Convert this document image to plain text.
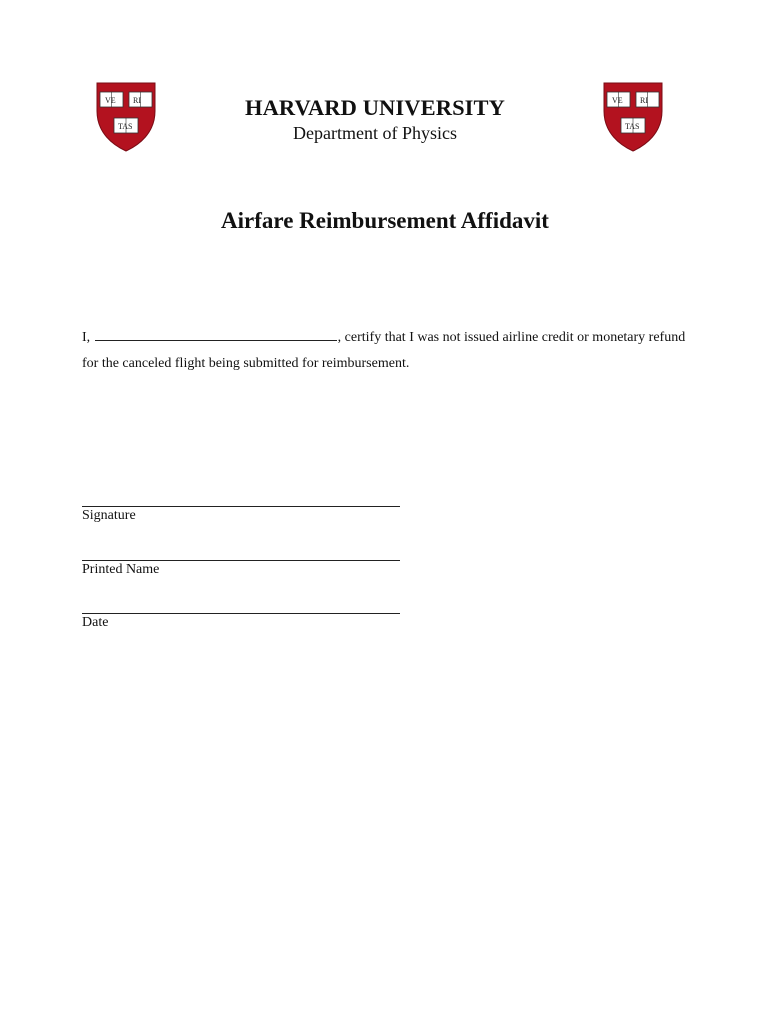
VE RI
TAS
VE RI
TAS
HARVARD UNIVERSITY
Department of Physics
Airfare Reimbursement Affidavit
I,	, certify that I was not issued airline credit or monetary refund
for the canceled flight being submitted for reimbursement.
Signature
Printed Name
Date
